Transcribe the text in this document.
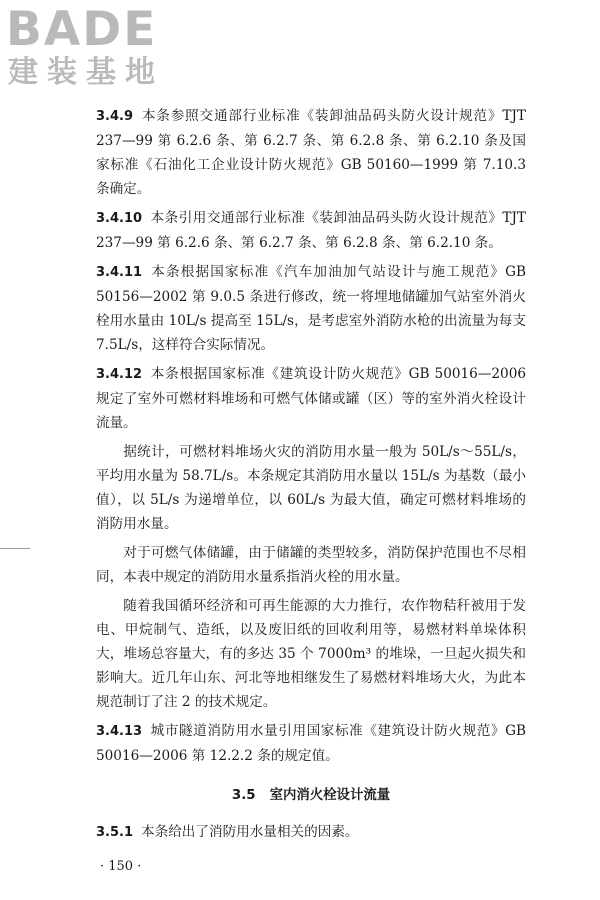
BADE
建装基地

3.4.9 本条参照交通部行业标准《装卸油品码头防火设计规范》TJT 237—99 第 6.2.6 条、第 6.2.7 条、第 6.2.8 条、第 6.2.10 条及国家标准《石油化工企业设计防火规范》GB 50160—1999 第 7.10.3 条确定。

3.4.10 本条引用交通部行业标准《装卸油品码头防火设计规范》TJT 237—99 第 6.2.6 条、第 6.2.7 条、第 6.2.8 条、第 6.2.10 条。

3.4.11 本条根据国家标准《汽车加油加气站设计与施工规范》GB 50156—2002 第 9.0.5 条进行修改，统一将埋地储罐加气站室外消火栓用水量由 10L/s 提高至 15L/s，是考虑室外消防水枪的出流量为每支 7.5L/s，这样符合实际情况。

3.4.12 本条根据国家标准《建筑设计防火规范》GB 50016—2006 规定了室外可燃材料堆场和可燃气体储或罐（区）等的室外消火栓设计流量。

据统计，可燃材料堆场火灾的消防用水量一般为 50L/s～55L/s，平均用水量为 58.7L/s。本条规定其消防用水量以 15L/s 为基数（最小值），以 5L/s 为递增单位，以 60L/s 为最大值，确定可燃材料堆场的消防用水量。

对于可燃气体储罐，由于储罐的类型较多，消防保护范围也不尽相同，本表中规定的消防用水量系指消火栓的用水量。

随着我国循环经济和可再生能源的大力推行，农作物秸秆被用于发电、甲烷制气、造纸，以及废旧纸的回收利用等，易燃材料单垛体积大，堆场总容量大，有的多达 35 个 7000m³ 的堆垛，一旦起火损失和影响大。近几年山东、河北等地相继发生了易燃材料堆场大火，为此本规范制订了注 2 的技术规定。

3.4.13 城市隧道消防用水量引用国家标准《建筑设计防火规范》GB 50016—2006 第 12.2.2 条的规定值。

3.5 室内消火栓设计流量

3.5.1 本条给出了消防用水量相关的因素。

· 150 ·
